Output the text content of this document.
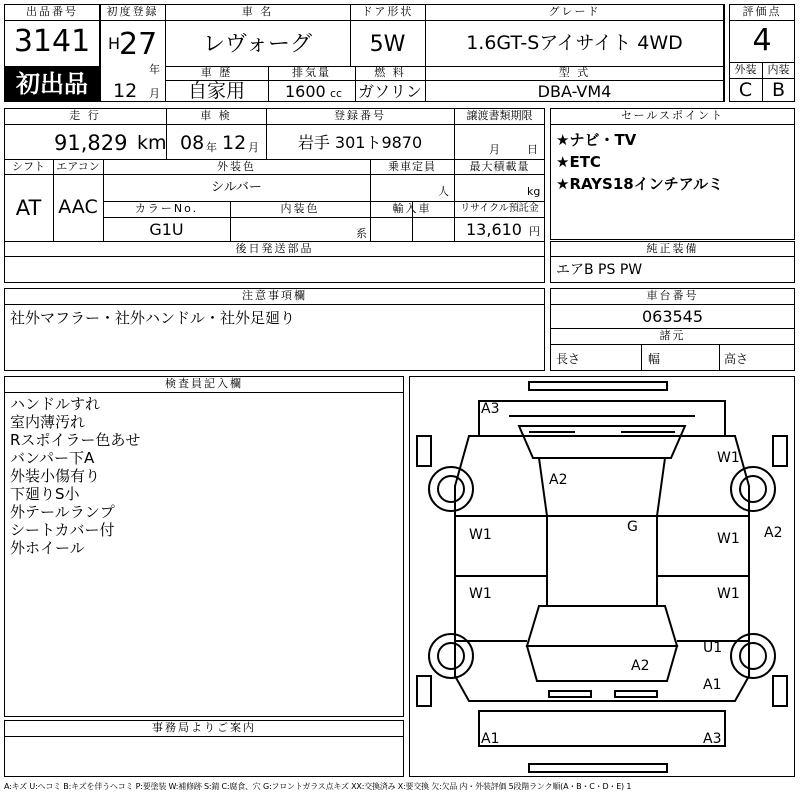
出品番号
3141
初出品
初度登録
H
27
年
12 月
車 名
レヴォーグ
ドア形状
5W
グレード
1.6GT-Sアイサイト 4WD
車 歴
自家用
排気量
1600 cc
燃 料
ガソリン
型 式
DBA-VM4
評価点
4
外装	内装
C	B
走 行
91,829 km
車 検
08 年 12 月
登録番号
岩手 301ト9870
譲渡書類期限
月 日
シフト
AT
エアコン
AAC
外装色
シルバー
乗車定員
人
最大積載量
kg
カラーNo.
G1U
内装色
系
輸入車	リサイクル預託金
13,610 円
後日発送部品
セールスポイント
★ナビ・TV
★ETC
★RAYS18インチアルミ
純正装備
エアB PS PW
注意事項欄
社外マフラー・社外ハンドル・社外足廻り
車台番号
063545
諸元
長さ	幅	高さ
検査員記入欄
ハンドルすれ
室内薄汚れ
Rスポイラー色あせ
バンパー下A
外装小傷有り
下廻りS小
外テールランプ
シートカバー付
外ホイール
事務局よりご案内
A3
A2
W1	G
W1
A2
W1
W1
W1
U1
A2
A1
A1	A3
A:キズ U:ヘコミ B:キズを伴うヘコミ P:要塗装 W:補修跡 S:錆 C:腐食、穴 G:フロントガラス点キズ XX:交換済み X:要交換 欠:欠品 内・外装評価 5段階ランク順(A・B・C・D・E) 1
